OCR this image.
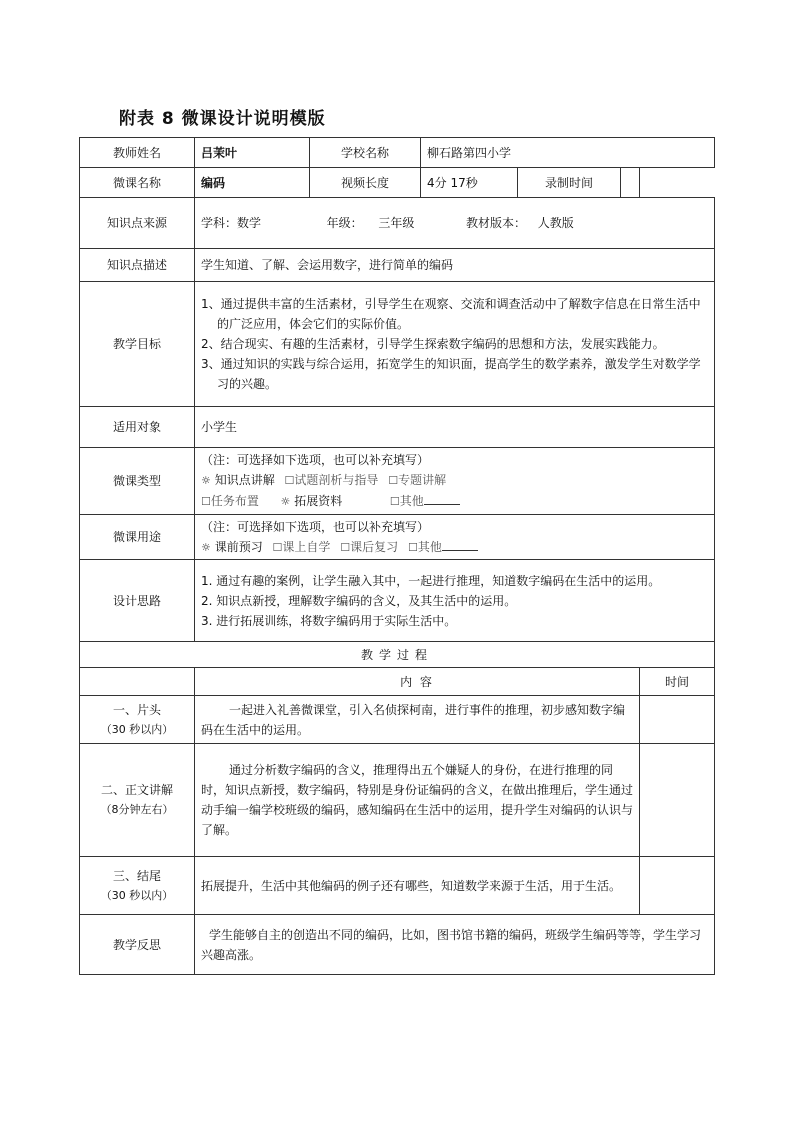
附表 8 微课设计说明模版
教师姓名	吕茉叶	学校名称	柳石路第四小学			
微课名称	编码	视频长度	4分 17秒	录制时间		
知识点来源	学科：数学 年级： 三年级 教材版本： 人教版					
知识点描述	学生知道、了解、会运用数字，进行简单的编码					
教学目标	1、通过提供丰富的生活素材，引导学生在观察、交流和调查活动中了解数字信息在日常生活中的广泛应用，体会它们的实际价值。
2、结合现实、有趣的生活素材，引导学生探索数字编码的思想和方法，发展实践能力。
3、通过知识的实践与综合运用，拓宽学生的知识面，提高学生的数学素养，激发学生对数学学习的兴趣。					

适用对象	小学生					
微课类型	（注：可选择如下选项，也可以补充填写）
☼ 知识点讲解 ☐试题剖析与指导 ☐专题讲解
☐任务布置 ☼ 拓展资料 ☐其他					

微课用途	（注：可选择如下选项，也可以补充填写）
☼ 课前预习 ☐课上自学 ☐课后复习 ☐其他					

设计思路	1. 通过有趣的案例，让学生融入其中，一起进行推理，知道数字编码在生活中的运用。
2. 知识点新授，理解数字编码的含义，及其生活中的运用。
3. 进行拓展训练，将数字编码用于实际生活中。					

教学过程						
	内 容					时间

一、片头
（30 秒以内）	一起进入礼善微课堂，引入名侦探柯南，进行事件的推理，初步感知数字编码在生活中的运用。					

二、正文讲解
（8分钟左右）	通过分析数字编码的含义，推理得出五个嫌疑人的身份，在进行推理的同时，知识点新授，数字编码，特别是身份证编码的含义，在做出推理后，学生通过动手编一编学校班级的编码，感知编码在生活中的运用，提升学生对编码的认识与了解。					

三、结尾
（30 秒以内）	拓展提升，生活中其他编码的例子还有哪些，知道数学来源于生活，用于生活。					
教学反思	学生能够自主的创造出不同的编码，比如，图书馆书籍的编码，班级学生编码等等，学生学习兴趣高涨。					
